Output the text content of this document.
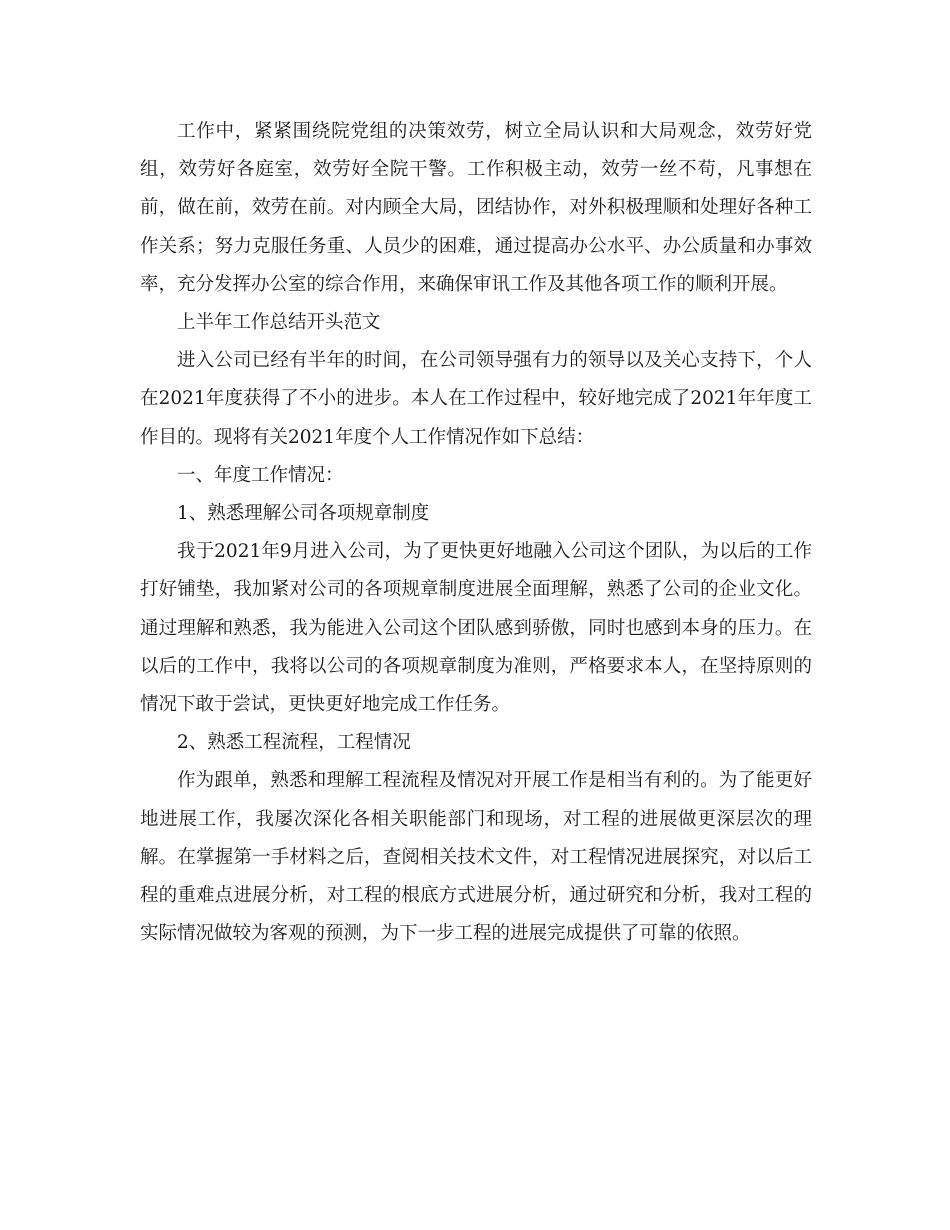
工作中，紧紧围绕院党组的决策效劳，树立全局认识和大局观念，效劳好党组，效劳好各庭室，效劳好全院干警。工作积极主动，效劳一丝不苟，凡事想在前，做在前，效劳在前。对内顾全大局，团结协作，对外积极理顺和处理好各种工作关系；努力克服任务重、人员少的困难，通过提高办公水平、办公质量和办事效率，充分发挥办公室的综合作用，来确保审讯工作及其他各项工作的顺利开展。

上半年工作总结开头范文

进入公司已经有半年的时间，在公司领导强有力的领导以及关心支持下，个人在2021年度获得了不小的进步。本人在工作过程中，较好地完成了2021年年度工作目的。现将有关2021年度个人工作情况作如下总结：

一、年度工作情况：

1、熟悉理解公司各项规章制度

我于2021年9月进入公司，为了更快更好地融入公司这个团队，为以后的工作打好铺垫，我加紧对公司的各项规章制度进展全面理解，熟悉了公司的企业文化。通过理解和熟悉，我为能进入公司这个团队感到骄傲，同时也感到本身的压力。在以后的工作中，我将以公司的各项规章制度为准则，严格要求本人，在坚持原则的情况下敢于尝试，更快更好地完成工作任务。

2、熟悉工程流程，工程情况

作为跟单，熟悉和理解工程流程及情况对开展工作是相当有利的。为了能更好地进展工作，我屡次深化各相关职能部门和现场，对工程的进展做更深层次的理解。在掌握第一手材料之后，查阅相关技术文件，对工程情况进展探究，对以后工程的重难点进展分析，对工程的根底方式进展分析，通过研究和分析，我对工程的实际情况做较为客观的预测，为下一步工程的进展完成提供了可靠的依照。
